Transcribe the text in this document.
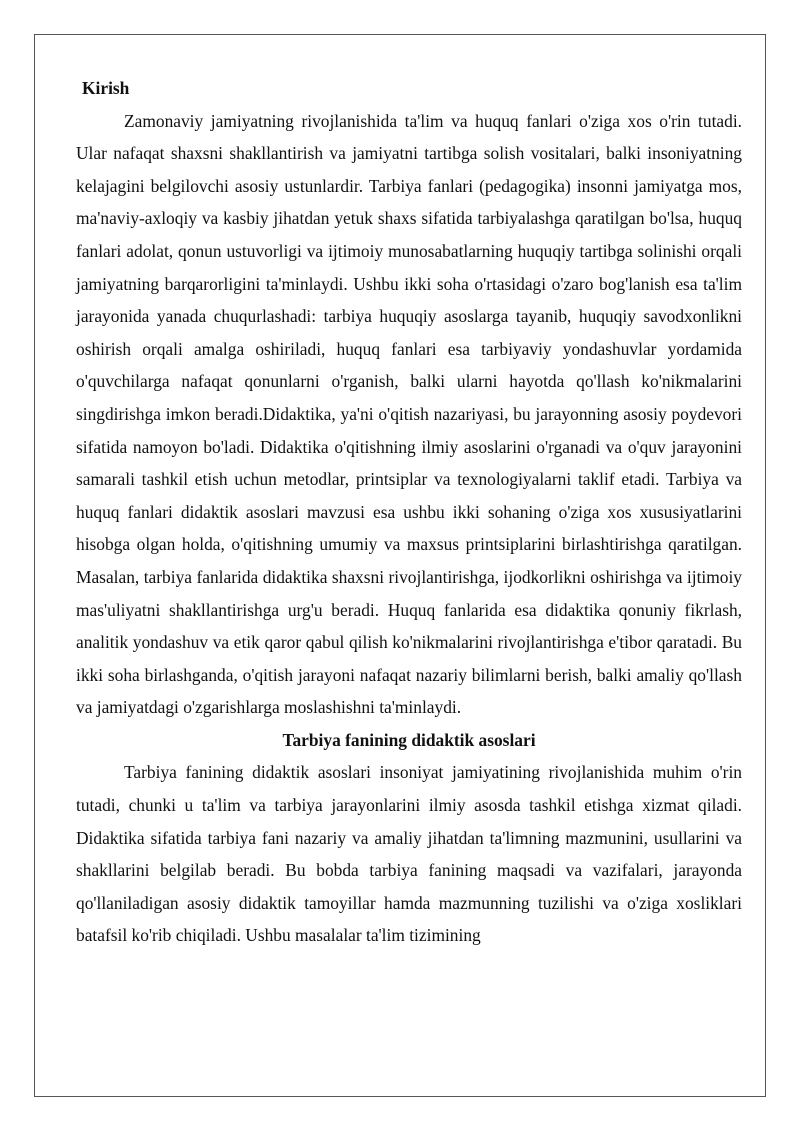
Kirish

Zamonaviy jamiyatning rivojlanishida ta'lim va huquq fanlari o'ziga xos o'rin tutadi. Ular nafaqat shaxsni shakllantirish va jamiyatni tartibga solish vositalari, balki insoniyatning kelajagini belgilovchi asosiy ustunlardir. Tarbiya fanlari (pedagogika) insonni jamiyatga mos, ma'naviy-axloqiy va kasbiy jihatdan yetuk shaxs sifatida tarbiyalashga qaratilgan bo'lsa, huquq fanlari adolat, qonun ustuvorligi va ijtimoiy munosabatlarning huquqiy tartibga solinishi orqali jamiyatning barqarorligini ta'minlaydi. Ushbu ikki soha o'rtasidagi o'zaro bog'lanish esa ta'lim jarayonida yanada chuqurlashadi: tarbiya huquqiy asoslarga tayanib, huquqiy savodxonlikni oshirish orqali amalga oshiriladi, huquq fanlari esa tarbiyaviy yondashuvlar yordamida o'quvchilarga nafaqat qonunlarni o'rganish, balki ularni hayotda qo'llash ko'nikmalarini singdirishga imkon beradi.Didaktika, ya'ni o'qitish nazariyasi, bu jarayonning asosiy poydevori sifatida namoyon bo'ladi. Didaktika o'qitishning ilmiy asoslarini o'rganadi va o'quv jarayonini samarali tashkil etish uchun metodlar, printsiplar va texnologiyalarni taklif etadi. Tarbiya va huquq fanlari didaktik asoslari mavzusi esa ushbu ikki sohaning o'ziga xos xususiyatlarini hisobga olgan holda, o'qitishning umumiy va maxsus printsiplarini birlashtirishga qaratilgan. Masalan, tarbiya fanlarida didaktika shaxsni rivojlantirishga, ijodkorlikni oshirishga va ijtimoiy mas'uliyatni shakllantirishga urg'u beradi. Huquq fanlarida esa didaktika qonuniy fikrlash, analitik yondashuv va etik qaror qabul qilish ko'nikmalarini rivojlantirishga e'tibor qaratadi. Bu ikki soha birlashganda, o'qitish jarayoni nafaqat nazariy bilimlarni berish, balki amaliy qo'llash va jamiyatdagi o'zgarishlarga moslashishni ta'minlaydi.

Tarbiya fanining didaktik asoslari

Tarbiya fanining didaktik asoslari insoniyat jamiyatining rivojlanishida muhim o'rin tutadi, chunki u ta'lim va tarbiya jarayonlarini ilmiy asosda tashkil etishga xizmat qiladi. Didaktika sifatida tarbiya fani nazariy va amaliy jihatdan ta'limning mazmunini, usullarini va shakllarini belgilab beradi. Bu bobda tarbiya fanining maqsadi va vazifalari, jarayonda qo'llaniladigan asosiy didaktik tamoyillar hamda mazmunning tuzilishi va o'ziga xosliklari batafsil ko'rib chiqiladi. Ushbu masalalar ta'lim tizimining
